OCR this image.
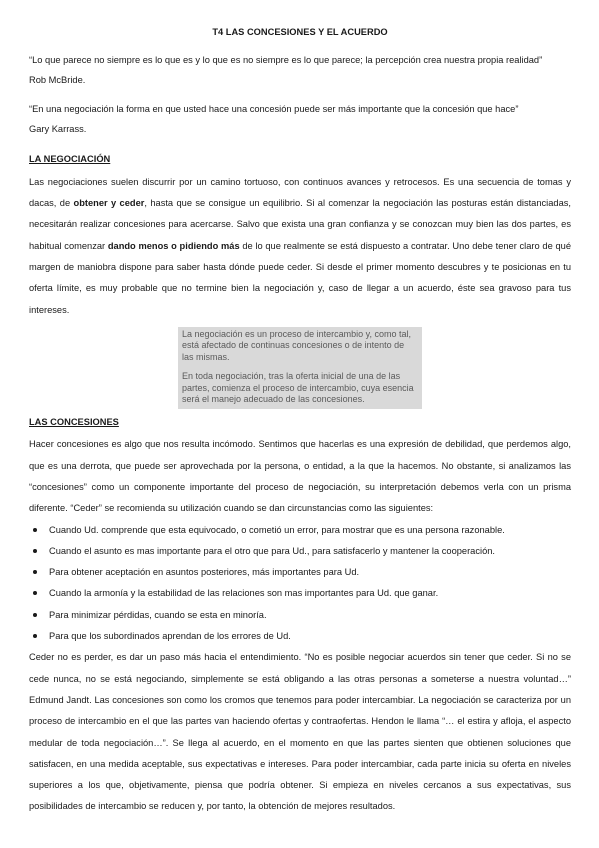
T4 LAS CONCESIONES Y EL ACUERDO

“Lo que parece no siempre es lo que es y lo que es no siempre es lo que parece; la percepción crea nuestra propia realidad”

Rob McBride.

“En una negociación la forma en que usted hace una concesión puede ser más importante que la concesión que hace”

Gary Karrass.

LA NEGOCIACIÓN

Las negociaciones suelen discurrir por un camino tortuoso, con continuos avances y retrocesos. Es una secuencia de tomas y dacas, de obtener y ceder, hasta que se consigue un equilibrio. Si al comenzar la negociación las posturas están distanciadas, necesitarán realizar concesiones para acercarse. Salvo que exista una gran confianza y se conozcan muy bien las dos partes, es habitual comenzar dando menos o pidiendo más de lo que realmente se está dispuesto a contratar. Uno debe tener claro de qué margen de maniobra dispone para saber hasta dónde puede ceder. Si desde el primer momento descubres y te posicionas en tu oferta límite, es muy probable que no termine bien la negociación y, caso de llegar a un acuerdo, éste sea gravoso para tus intereses.

La negociación es un proceso de intercambio y, como tal, está afectado de continuas concesiones o de intento de las mismas.

En toda negociación, tras la oferta inicial de una de las partes, comienza el proceso de intercambio, cuya esencia será el manejo adecuado de las concesiones.

LAS CONCESIONES

Hacer concesiones es algo que nos resulta incómodo. Sentimos que hacerlas es una expresión de debilidad, que perdemos algo, que es una derrota, que puede ser aprovechada por la persona, o entidad, a la que la hacemos. No obstante, si analizamos las “concesiones” como un componente importante del proceso de negociación, su interpretación debemos verla con un prisma diferente. “Ceder” se recomienda su utilización cuando se dan circunstancias como las siguientes:

Cuando Ud. comprende que esta equivocado, o cometió un error, para mostrar que es una persona razonable.
Cuando el asunto es mas importante para el otro que para Ud., para satisfacerlo y mantener la cooperación.
Para obtener aceptación en asuntos posteriores, más importantes para Ud.
Cuando la armonía y la estabilidad de las relaciones son mas importantes para Ud. que ganar.
Para minimizar pérdidas, cuando se esta en minoría.
Para que los subordinados aprendan de los errores de Ud.

Ceder no es perder, es dar un paso más hacia el entendimiento. “No es posible negociar acuerdos sin tener que ceder. Si no se cede nunca, no se está negociando, simplemente se está obligando a las otras personas a someterse a nuestra voluntad…” Edmund Jandt. Las concesiones son como los cromos que tenemos para poder intercambiar. La negociación se caracteriza por un proceso de intercambio en el que las partes van haciendo ofertas y contraofertas. Hendon le llama “… el estira y afloja, el aspecto medular de toda negociación…”. Se llega al acuerdo, en el momento en que las partes sienten que obtienen soluciones que satisfacen, en una medida aceptable, sus expectativas e intereses. Para poder intercambiar, cada parte inicia su oferta en niveles superiores a los que, objetivamente, piensa que podría obtener. Si empieza en niveles cercanos a sus expectativas, sus posibilidades de intercambio se reducen y, por tanto, la obtención de mejores resultados.
